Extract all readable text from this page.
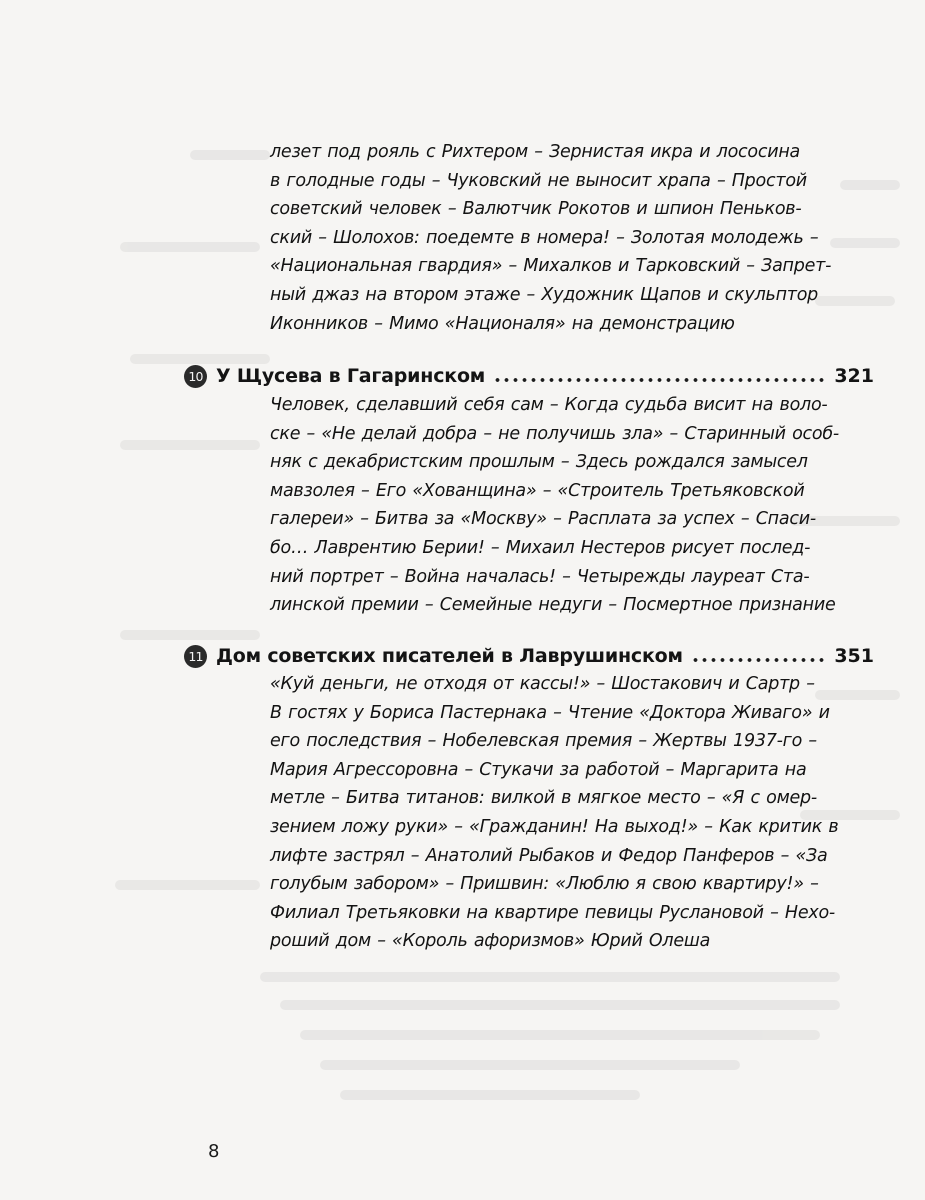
лезет под рояль с Рихтером – Зернистая икра и лососина
в голодные годы – Чуковский не выносит храпа – Простой
советский человек – Валютчик Рокотов и шпион Пеньков-
ский – Шолохов: поедемте в номера! – Золотая молодежь –
«Национальная гвардия» – Михалков и Тарковский – Запрет-
ный джаз на втором этаже – Художник Щапов и скульптор
Иконников – Мимо «Националя» на демонстрацию
10 У Щусева в Гагаринском	321
Человек, сделавший себя сам – Когда судьба висит на воло-
ске – «Не делай добра – не получишь зла» – Старинный особ-
няк с декабристским прошлым – Здесь рождался замысел
мавзолея – Его «Хованщина» – «Строитель Третьяковской
галереи» – Битва за «Москву» – Расплата за успех – Спаси-
бо… Лаврентию Берии! – Михаил Нестеров рисует послед-
ний портрет – Война началась! – Четырежды лауреат Ста-
линской премии – Семейные недуги – Посмертное признание
11 Дом советских писателей в Лаврушинском	351
«Куй деньги, не отходя от кассы!» – Шостакович и Сартр –
В гостях у Бориса Пастернака – Чтение «Доктора Живаго» и
его последствия – Нобелевская премия – Жертвы 1937-го –
Мария Агрессоровна – Стукачи за работой – Маргарита на
метле – Битва титанов: вилкой в мягкое место – «Я с омер-
зением ложу руки» – «Гражданин! На выход!» – Как критик в
лифте застрял – Анатолий Рыбаков и Федор Панферов – «За
голубым забором» – Пришвин: «Люблю я свою квартиру!» –
Филиал Третьяковки на квартире певицы Руслановой – Нехо-
роший дом – «Король афоризмов» Юрий Олеша
8
